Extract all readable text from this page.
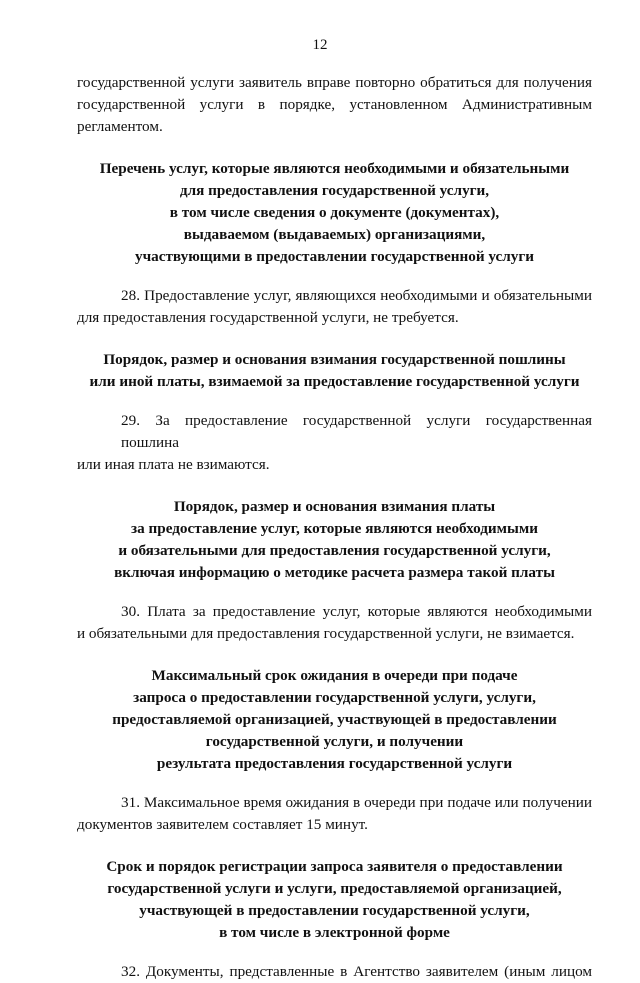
12
государственной услуги заявитель вправе повторно обратиться для получения
государственной услуги в порядке, установленном Административным
регламентом.
Перечень услуг, которые являются необходимыми и обязательными
для предоставления государственной услуги,
в том числе сведения о документе (документах),
выдаваемом (выдаваемых) организациями,
участвующими в предоставлении государственной услуги
28. Предоставление услуг, являющихся необходимыми и обязательными
для предоставления государственной услуги, не требуется.
Порядок, размер и основания взимания государственной пошлины
или иной платы, взимаемой за предоставление государственной услуги
29. За предоставление государственной услуги государственная пошлина
или иная плата не взимаются.
Порядок, размер и основания взимания платы
за предоставление услуг, которые являются необходимыми
и обязательными для предоставления государственной услуги,
включая информацию о методике расчета размера такой платы
30. Плата за предоставление услуг, которые являются необходимыми
и обязательными для предоставления государственной услуги, не взимается.
Максимальный срок ожидания в очереди при подаче
запроса о предоставлении государственной услуги, услуги,
предоставляемой организацией, участвующей в предоставлении
государственной услуги, и получении
результата предоставления государственной услуги
31. Максимальное время ожидания в очереди при подаче или получении
документов заявителем составляет 15 минут.
Срок и порядок регистрации запроса заявителя о предоставлении
государственной услуги и услуги, предоставляемой организацией,
участвующей в предоставлении государственной услуги,
в том числе в электронной форме
32. Документы, представленные в Агентство заявителем (иным лицом
